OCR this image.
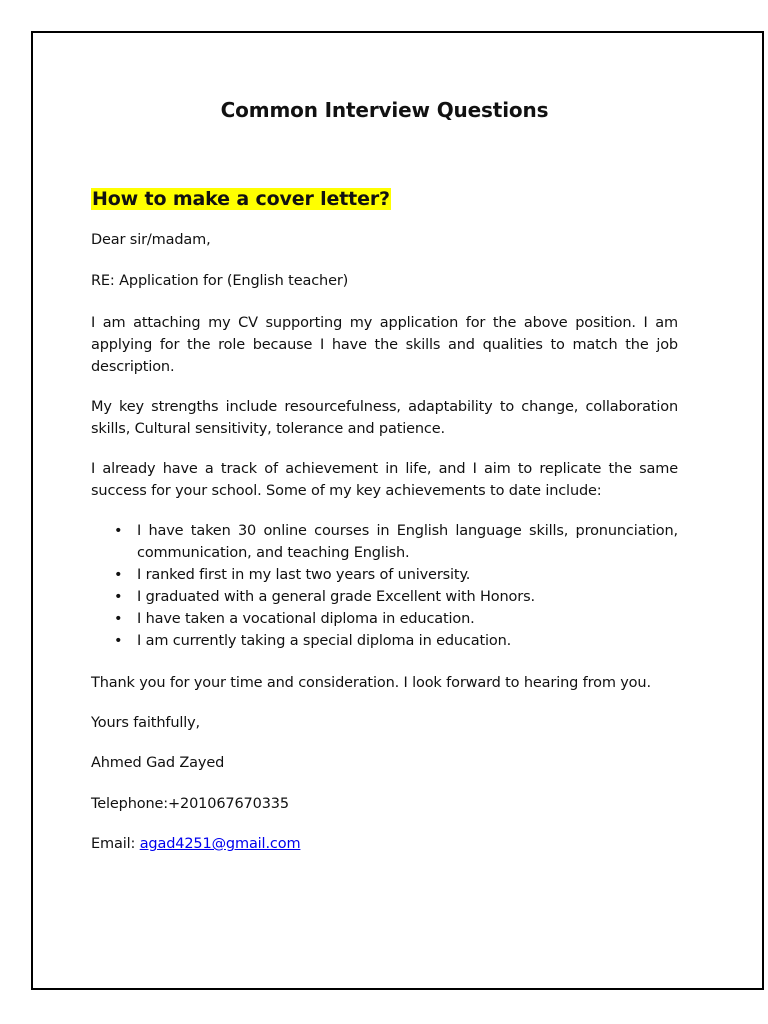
Common Interview Questions
How to make a cover letter?

Dear sir/madam,

RE: Application for (English teacher)

I am attaching my CV supporting my application for the above position. I am applying for the role because I have the skills and qualities to match the job description.

My key strengths include resourcefulness, adaptability to change, collaboration skills, Cultural sensitivity, tolerance and patience.

I already have a track of achievement in life, and I aim to replicate the same success for your school. Some of my key achievements to date include:

• I have taken 30 online courses in English language skills, pronunciation, communication, and teaching English.
• I ranked first in my last two years of university.
• I graduated with a general grade Excellent with Honors.
• I have taken a vocational diploma in education.
• I am currently taking a special diploma in education.

Thank you for your time and consideration. I look forward to hearing from you.

Yours faithfully,

Ahmed Gad Zayed

Telephone:+201067670335

Email: agad4251@gmail.com
